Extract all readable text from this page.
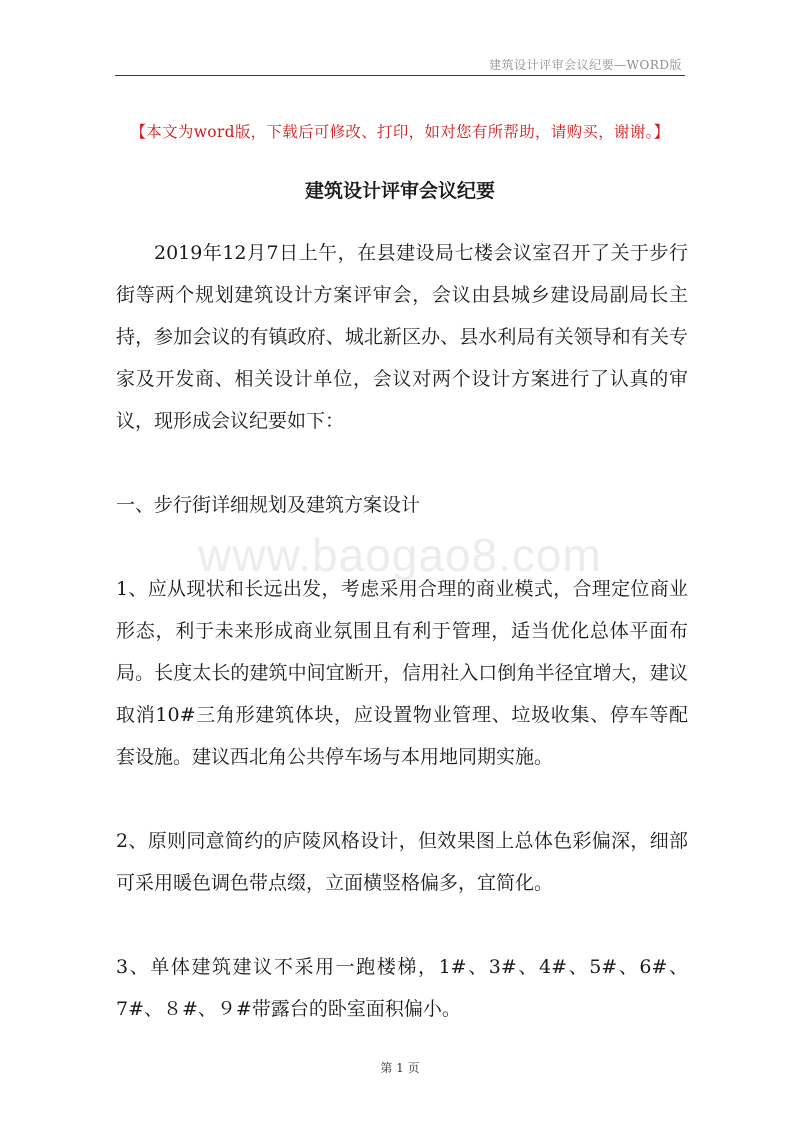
建筑设计评审会议纪要—WORD版
【本文为word版，下载后可修改、打印，如对您有所帮助，请购买，谢谢。】
建筑设计评审会议纪要

2019年12月7日上午，在县建设局七楼会议室召开了关于步行街等两个规划建筑设计方案评审会，会议由县城乡建设局副局长主持，参加会议的有镇政府、城北新区办、县水利局有关领导和有关专家及开发商、相关设计单位，会议对两个设计方案进行了认真的审议，现形成会议纪要如下：

一、步行街详细规划及建筑方案设计

1、应从现状和长远出发，考虑采用合理的商业模式，合理定位商业形态，利于未来形成商业氛围且有利于管理，适当优化总体平面布局。长度太长的建筑中间宜断开，信用社入口倒角半径宜增大，建议取消10#三角形建筑体块，应设置物业管理、垃圾收集、停车等配套设施。建议西北角公共停车场与本用地同期实施。

2、原则同意简约的庐陵风格设计，但效果图上总体色彩偏深，细部可采用暖色调色带点缀，立面横竖格偏多，宜简化。

3、单体建筑建议不采用一跑楼梯，1#、3#、4#、5#、6#、7#、８#、９#带露台的卧室面积偏小。

www.baogao8.com
第 1 页
